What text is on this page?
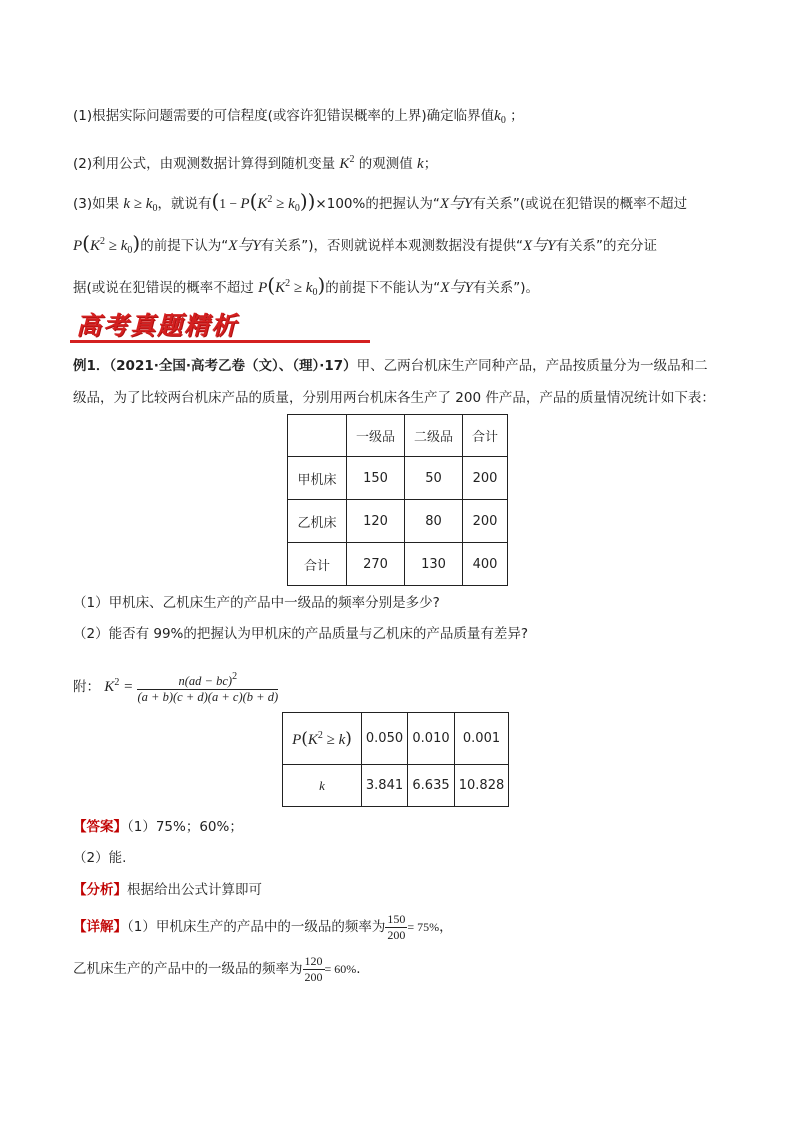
(1)根据实际问题需要的可信程度(或容许犯错误概率的上界)确定临界值$k_0$ ；
(2)利用公式，由观测数据计算得到随机变量 $K^2$ 的观测值 k；
(3)如果 $k \ge k_0$，就说有$(1 - P(K^2 \ge k_0))\times 100\%$的把握认为“X与Y有关系”(或说在犯错误的概率不超过
$P(K^2 \ge k_0)$的前提下认为“X与Y有关系”)，否则就说样本观测数据没有提供“X与Y有关系”的充分证
据(或说在犯错误的概率不超过 $P(K^2 \ge k_0)$的前提下不能认为“X与Y有关系”)。
高考真题精析
例1．（2021·全国·高考乙卷（文）、（理）·17）甲、乙两台机床生产同种产品，产品按质量分为一级品和二
级品，为了比较两台机床产品的质量，分别用两台机床各生产了 200 件产品，产品的质量情况统计如下表：
	一级品	二级品	合计
甲机床	150	50	200
乙机床	120	80	200
合计	270	130	400
（1）甲机床、乙机床生产的产品中一级品的频率分别是多少?
（2）能否有 99%的把握认为甲机床的产品质量与乙机床的产品质量有差异?
附： $K^2 = \frac{n(ad - bc)^2}{(a + b)(c + d)(a + c)(b + d)}$
$P(K^2 \ge k)$	0.050	0.010	0.001
k	3.841	6.635	10.828
【答案】（1）75%；60%；
（2）能.
【分析】根据给出公式计算即可
【详解】（1）甲机床生产的产品中的一级品的频率为 $\frac{150}{200} = 75\%$，
乙机床生产的产品中的一级品的频率为 $\frac{120}{200} = 60\%$.
